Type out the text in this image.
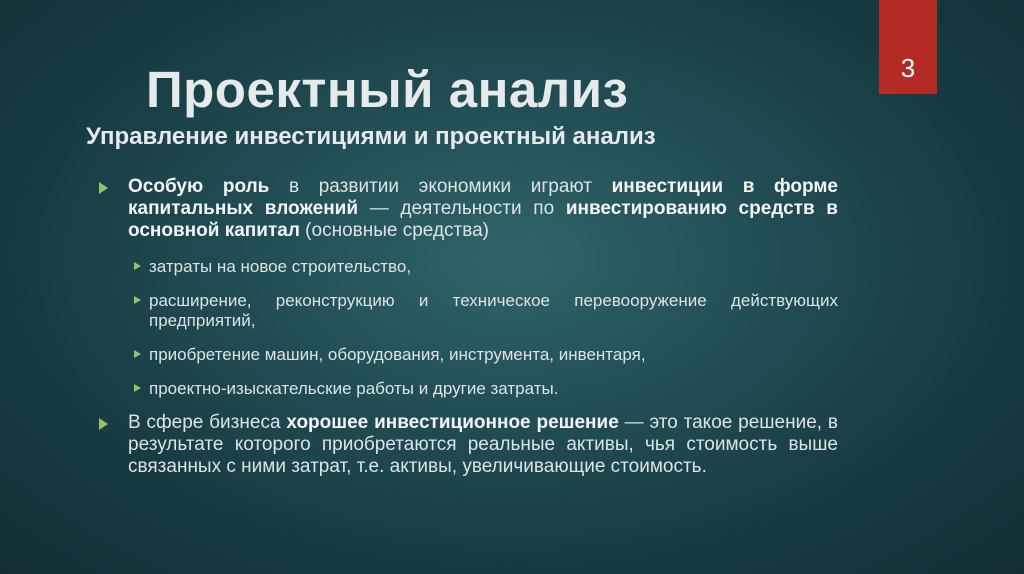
3
Проектный анализ
Управление инвестициями и проектный анализ
Особую роль в развитии экономики играют инвестиции в форме капитальных вложений — деятельности по инвестированию средств в основной капитал (основные средства)
затраты на новое строительство,
расширение, реконструкцию и техническое перевооружение действующих предприятий,
приобретение машин, оборудования, инструмента, инвентаря,
проектно-изыскательские работы и другие затраты.
В сфере бизнеса хорошее инвестиционное решение — это такое решение, в результате которого приобретаются реальные активы, чья стоимость выше связанных с ними затрат, т.е. активы, увеличивающие стоимость.
